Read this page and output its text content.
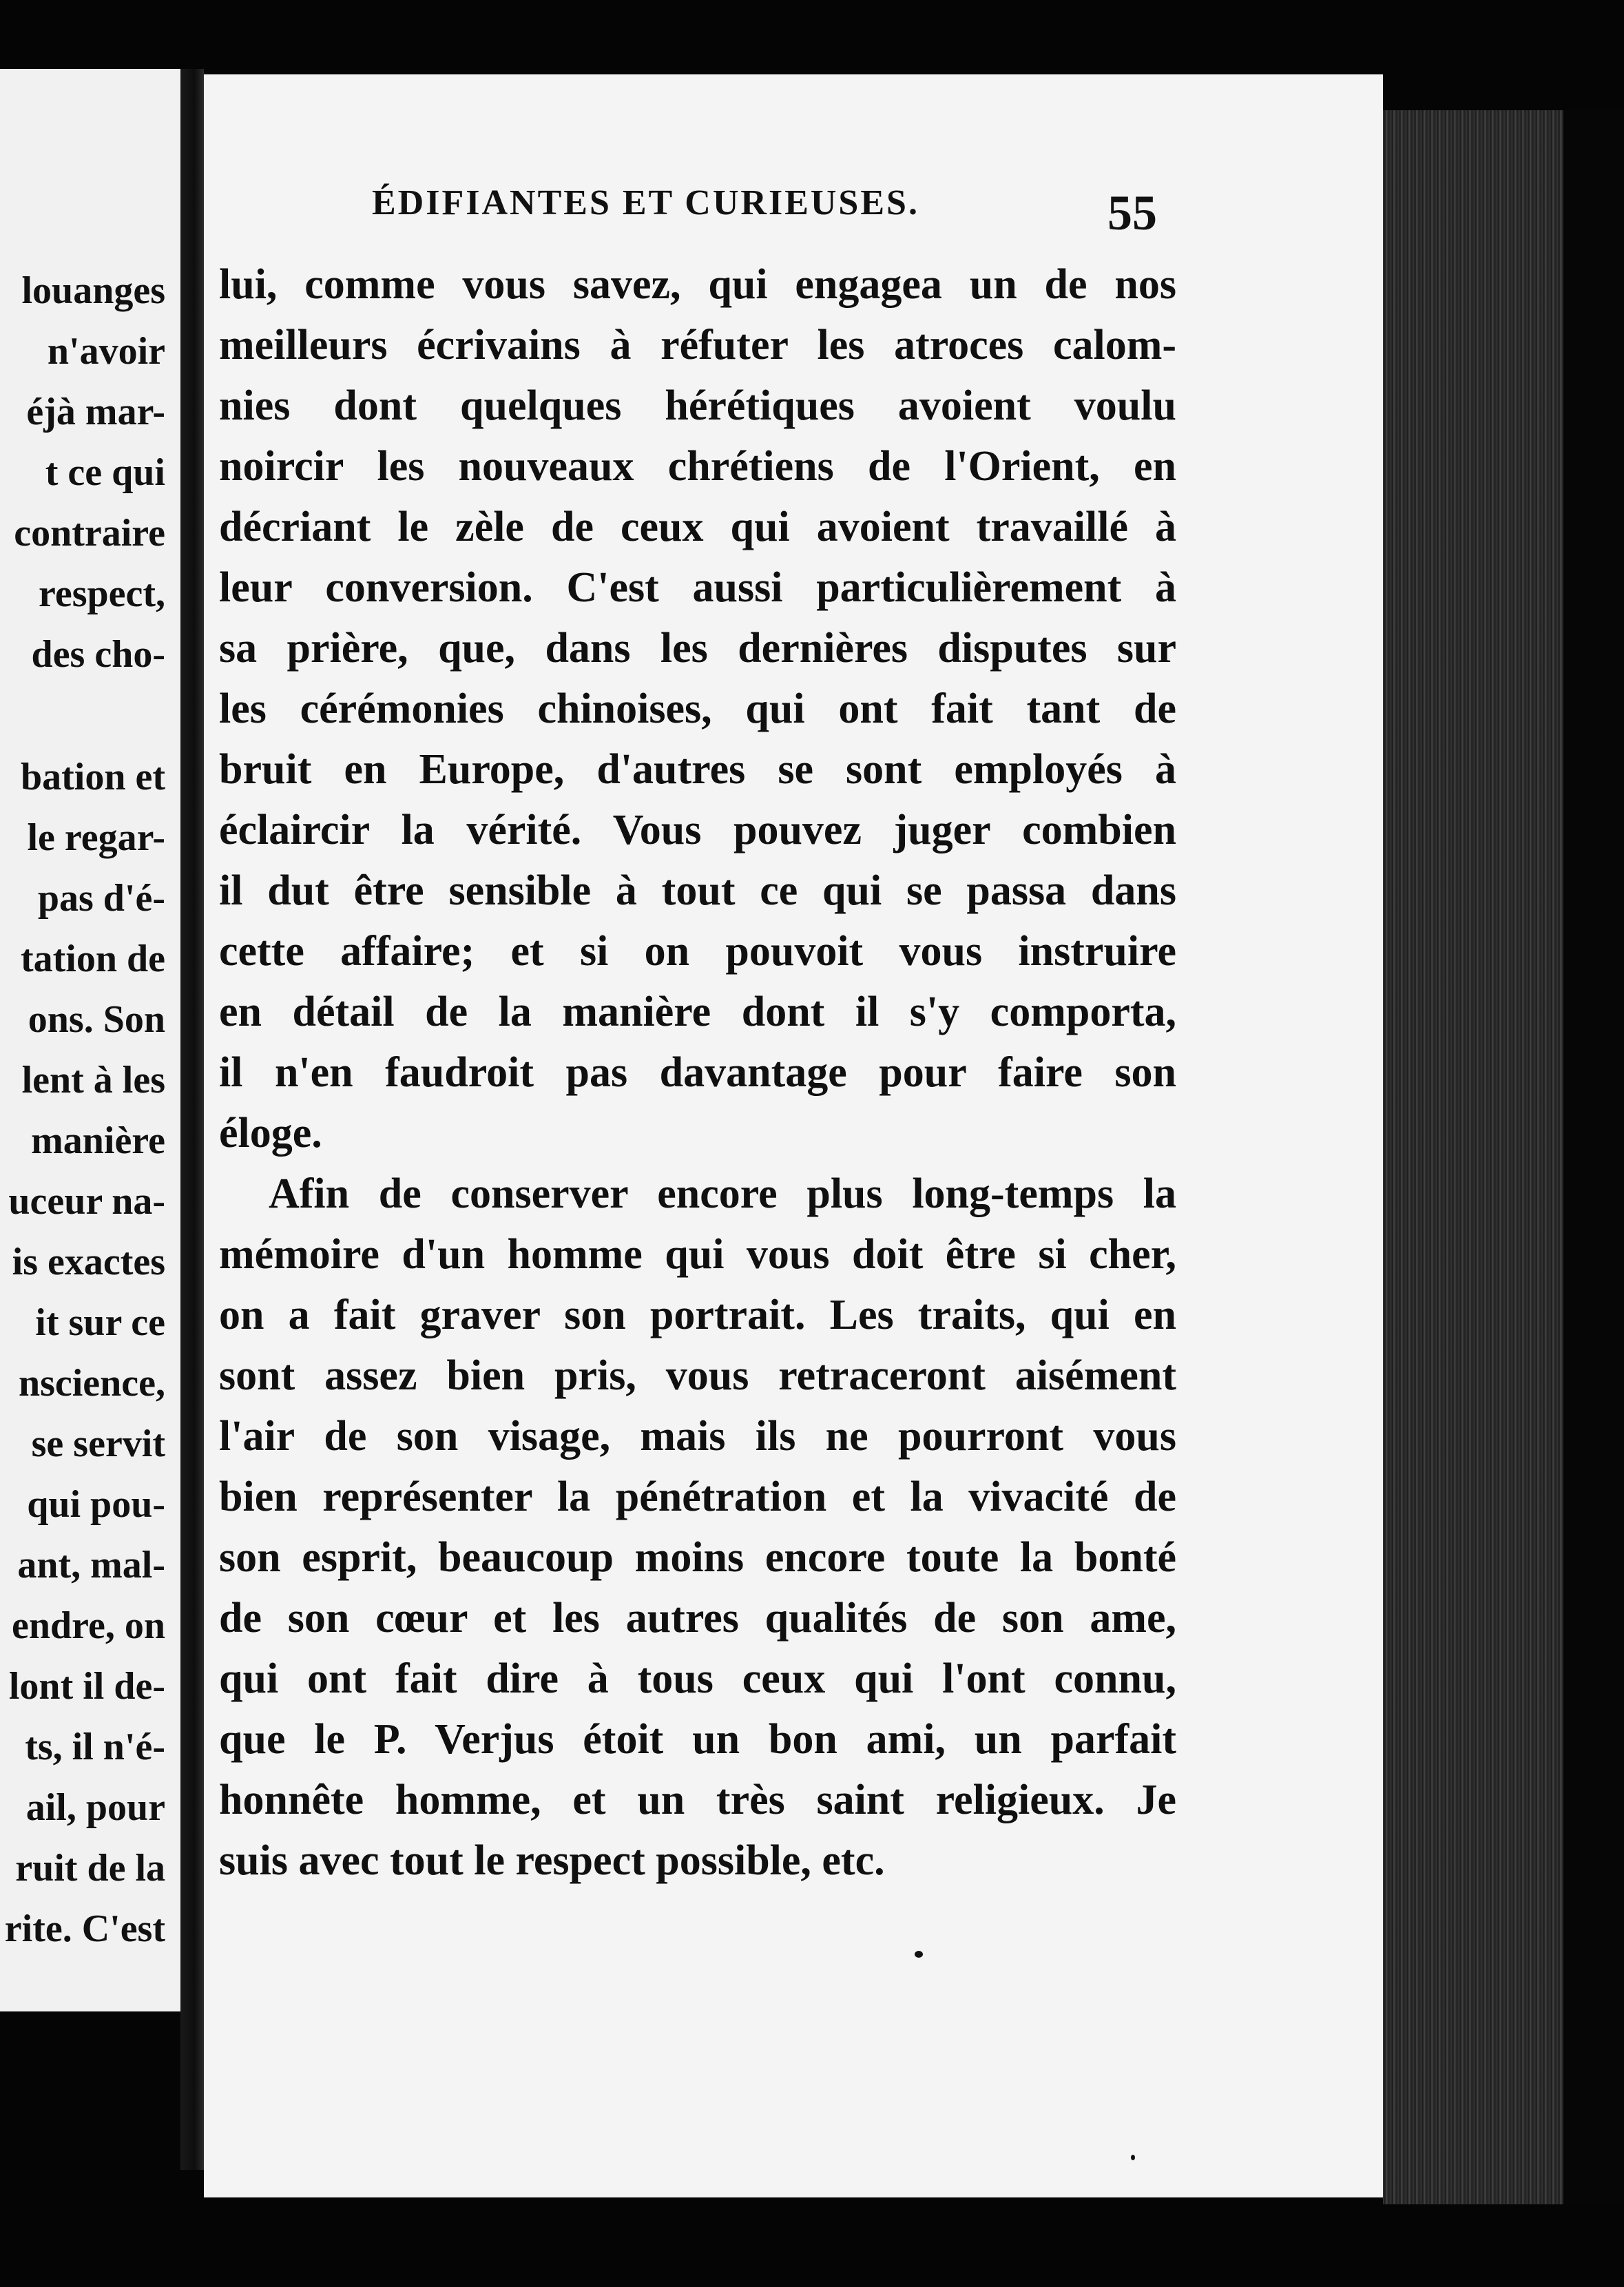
louanges
n'avoir
éjà mar-
t ce qui
contraire
respect,
des cho-
bation et
le regar-
pas d'é-
tation de
ons. Son
lent à les
manière
uceur na-
is exactes
it sur ce
nscience,
se servit
qui pou-
ant, mal-
endre, on
lont il de-
ts, il n'é-
ail, pour
ruit de la
rite. C'est
ÉDIFIANTES ET CURIEUSES.	55
lui, comme vous savez, qui engagea un de nos
meilleurs écrivains à réfuter les atroces calom-
nies dont quelques hérétiques avoient voulu
noircir les nouveaux chrétiens de l'Orient, en
décriant le zèle de ceux qui avoient travaillé à
leur conversion. C'est aussi particulièrement à
sa prière, que, dans les dernières disputes sur
les cérémonies chinoises, qui ont fait tant de
bruit en Europe, d'autres se sont employés à
éclaircir la vérité. Vous pouvez juger combien
il dut être sensible à tout ce qui se passa dans
cette affaire; et si on pouvoit vous instruire
en détail de la manière dont il s'y comporta,
il n'en faudroit pas davantage pour faire son
éloge.
Afin de conserver encore plus long-temps la
mémoire d'un homme qui vous doit être si cher,
on a fait graver son portrait. Les traits, qui en
sont assez bien pris, vous retraceront aisément
l'air de son visage, mais ils ne pourront vous
bien représenter la pénétration et la vivacité de
son esprit, beaucoup moins encore toute la bonté
de son cœur et les autres qualités de son ame,
qui ont fait dire à tous ceux qui l'ont connu,
que le P. Verjus étoit un bon ami, un parfait
honnête homme, et un très saint religieux. Je
suis avec tout le respect possible, etc.
